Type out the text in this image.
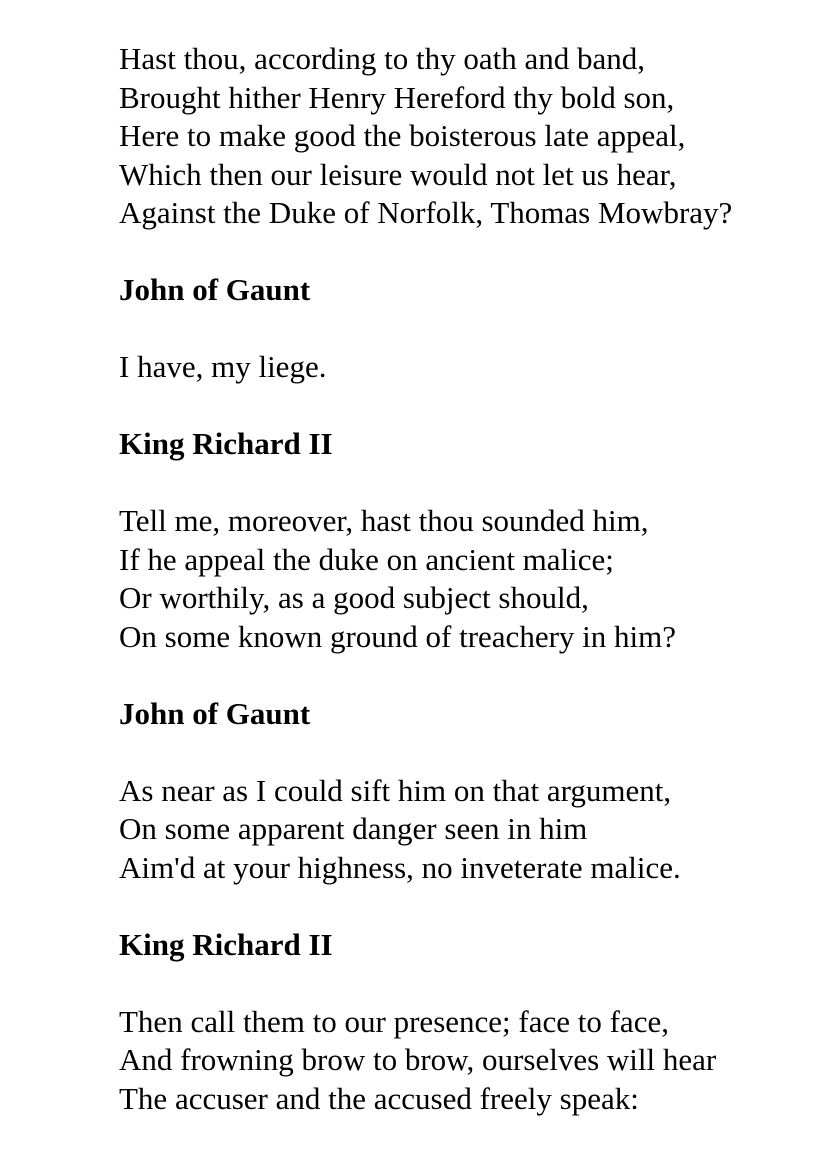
Hast thou, according to thy oath and band,
Brought hither Henry Hereford thy bold son,
Here to make good the boisterous late appeal,
Which then our leisure would not let us hear,
Against the Duke of Norfolk, Thomas Mowbray?
John of Gaunt
I have, my liege.
King Richard II
Tell me, moreover, hast thou sounded him,
If he appeal the duke on ancient malice;
Or worthily, as a good subject should,
On some known ground of treachery in him?
John of Gaunt
As near as I could sift him on that argument,
On some apparent danger seen in him
Aim'd at your highness, no inveterate malice.
King Richard II
Then call them to our presence; face to face,
And frowning brow to brow, ourselves will hear
The accuser and the accused freely speak:
